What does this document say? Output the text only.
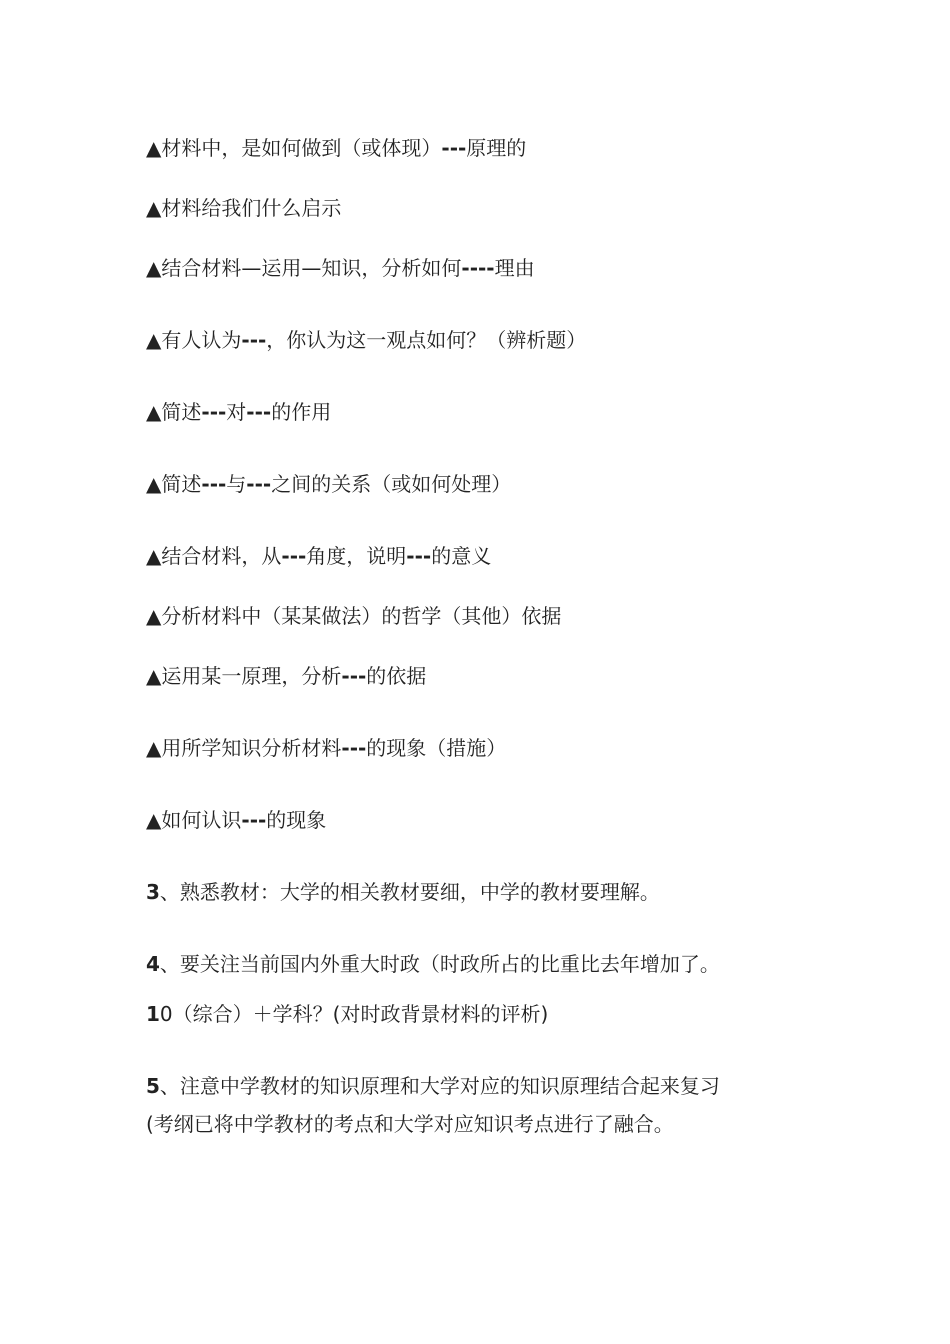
▲材料中，是如何做到（或体现）---原理的
▲材料给我们什么启示
▲结合材料—运用—知识，分析如何----理由
▲有人认为---，你认为这一观点如何？（辨析题）
▲简述---对---的作用
▲简述---与---之间的关系（或如何处理）
▲结合材料，从---角度，说明---的意义
▲分析材料中（某某做法）的哲学（其他）依据
▲运用某一原理，分析---的依据
▲用所学知识分析材料---的现象（措施）
▲如何认识---的现象
3、熟悉教材：大学的相关教材要细，中学的教材要理解。
4、要关注当前国内外重大时政（时政所占的比重比去年增加了。
10（综合）＋学科？(对时政背景材料的评析)
5、注意中学教材的知识原理和大学对应的知识原理结合起来复习
(考纲已将中学教材的考点和大学对应知识考点进行了融合。
